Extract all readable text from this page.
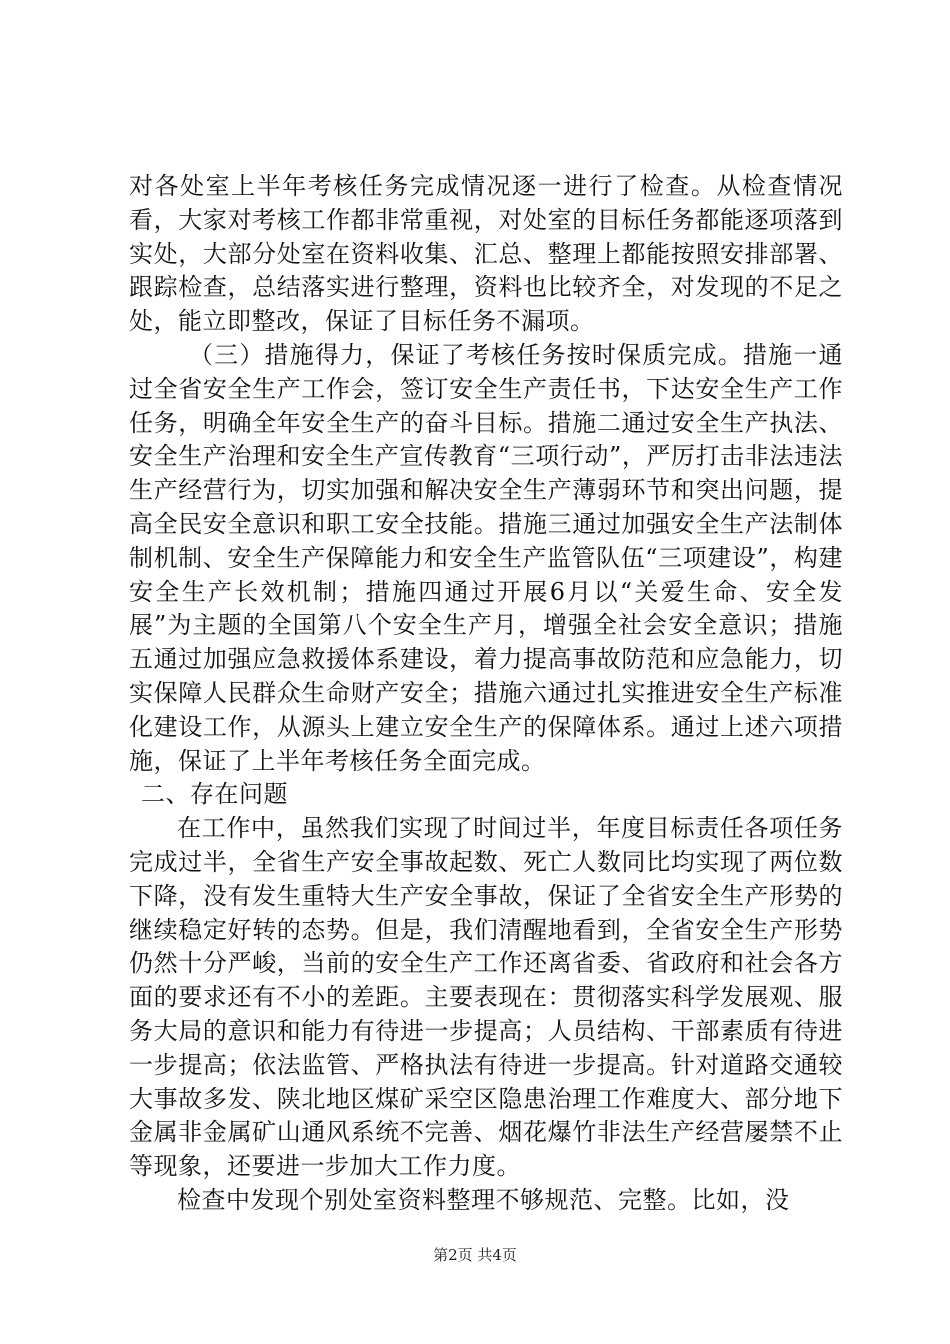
对各处室上半年考核任务完成情况逐一进行了检查。从检查情况看，大家对考核工作都非常重视，对处室的目标任务都能逐项落到实处，大部分处室在资料收集、汇总、整理上都能按照安排部署、跟踪检查，总结落实进行整理，资料也比较齐全，对发现的不足之处，能立即整改，保证了目标任务不漏项。

（三）措施得力，保证了考核任务按时保质完成。措施一通过全省安全生产工作会，签订安全生产责任书，下达安全生产工作任务，明确全年安全生产的奋斗目标。措施二通过安全生产执法、安全生产治理和安全生产宣传教育“三项行动”，严厉打击非法违法生产经营行为，切实加强和解决安全生产薄弱环节和突出问题，提高全民安全意识和职工安全技能。措施三通过加强安全生产法制体制机制、安全生产保障能力和安全生产监管队伍“三项建设”，构建安全生产长效机制；措施四通过开展6月以“关爱生命、安全发展”为主题的全国第八个安全生产月，增强全社会安全意识；措施五通过加强应急救援体系建设，着力提高事故防范和应急能力，切实保障人民群众生命财产安全；措施六通过扎实推进安全生产标准化建设工作，从源头上建立安全生产的保障体系。通过上述六项措施，保证了上半年考核任务全面完成。

二、存在问题

在工作中，虽然我们实现了时间过半，年度目标责任各项任务完成过半，全省生产安全事故起数、死亡人数同比均实现了两位数下降，没有发生重特大生产安全事故，保证了全省安全生产形势的继续稳定好转的态势。但是，我们清醒地看到，全省安全生产形势仍然十分严峻，当前的安全生产工作还离省委、省政府和社会各方面的要求还有不小的差距。主要表现在：贯彻落实科学发展观、服务大局的意识和能力有待进一步提高；人员结构、干部素质有待进一步提高；依法监管、严格执法有待进一步提高。针对道路交通较大事故多发、陕北地区煤矿采空区隐患治理工作难度大、部分地下金属非金属矿山通风系统不完善、烟花爆竹非法生产经营屡禁不止等现象，还要进一步加大工作力度。

检查中发现个别处室资料整理不够规范、完整。比如，没

第2页 共4页
